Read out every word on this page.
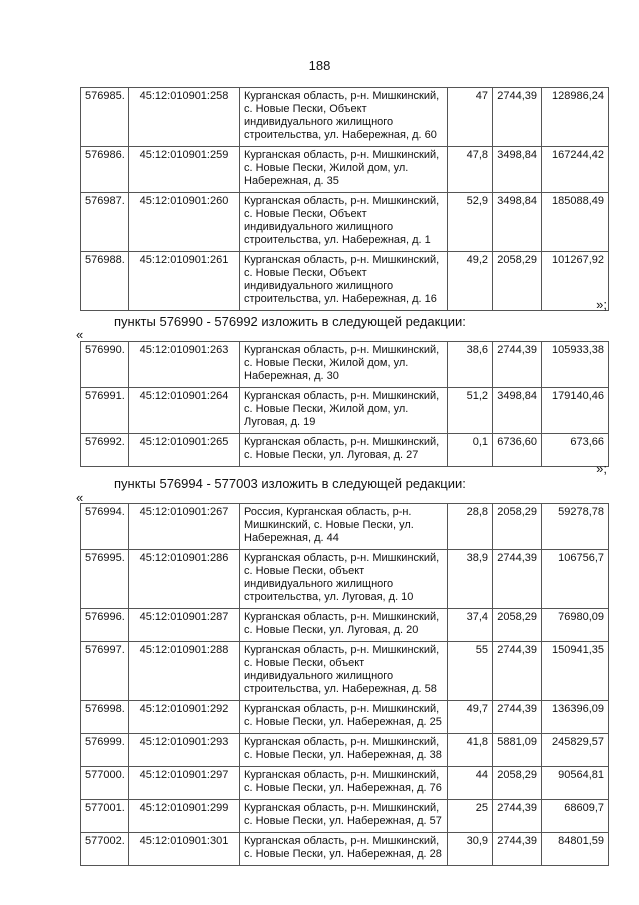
188
576985.	45:12:010901:258	Курганская область, р-н. Мишкинский, с. Новые Пески, Объект индивидуального жилищного строительства, ул. Набережная, д. 60	47	2744,39	128986,24
576986.	45:12:010901:259	Курганская область, р-н. Мишкинский, с. Новые Пески, Жилой дом, ул. Набережная, д. 35	47,8	3498,84	167244,42
576987.	45:12:010901:260	Курганская область, р-н. Мишкинский, с. Новые Пески, Объект индивидуального жилищного строительства, ул. Набережная, д. 1	52,9	3498,84	185088,49
576988.	45:12:010901:261	Курганская область, р-н. Мишкинский, с. Новые Пески, Объект индивидуального жилищного строительства, ул. Набережная, д. 16	49,2	2058,29	101267,92
»;
пункты 576990 - 576992 изложить в следующей редакции:
«
576990.	45:12:010901:263	Курганская область, р-н. Мишкинский, с. Новые Пески, Жилой дом, ул. Набережная, д. 30	38,6	2744,39	105933,38
576991.	45:12:010901:264	Курганская область, р-н. Мишкинский, с. Новые Пески, Жилой дом, ул. Луговая, д. 19	51,2	3498,84	179140,46
576992.	45:12:010901:265	Курганская область, р-н. Мишкинский, с. Новые Пески, ул. Луговая, д. 27	0,1	6736,60	673,66
»;
пункты 576994 - 577003 изложить в следующей редакции:
«
576994.	45:12:010901:267	Россия, Курганская область, р-н. Мишкинский, с. Новые Пески, ул. Набережная, д. 44	28,8	2058,29	59278,78
576995.	45:12:010901:286	Курганская область, р-н. Мишкинский, с. Новые Пески, объект индивидуального жилищного строительства, ул. Луговая, д. 10	38,9	2744,39	106756,7
576996.	45:12:010901:287	Курганская область, р-н. Мишкинский, с. Новые Пески, ул. Луговая, д. 20	37,4	2058,29	76980,09
576997.	45:12:010901:288	Курганская область, р-н. Мишкинский, с. Новые Пески, объект индивидуального жилищного строительства, ул. Набережная, д. 58	55	2744,39	150941,35
576998.	45:12:010901:292	Курганская область, р-н. Мишкинский, с. Новые Пески, ул. Набережная, д. 25	49,7	2744,39	136396,09
576999.	45:12:010901:293	Курганская область, р-н. Мишкинский, с. Новые Пески, ул. Набережная, д. 38	41,8	5881,09	245829,57
577000.	45:12:010901:297	Курганская область, р-н. Мишкинский, с. Новые Пески, ул. Набережная, д. 76	44	2058,29	90564,81
577001.	45:12:010901:299	Курганская область, р-н. Мишкинский, с. Новые Пески, ул. Набережная, д. 57	25	2744,39	68609,7
577002.	45:12:010901:301	Курганская область, р-н. Мишкинский, с. Новые Пески, ул. Набережная, д. 28	30,9	2744,39	84801,59
